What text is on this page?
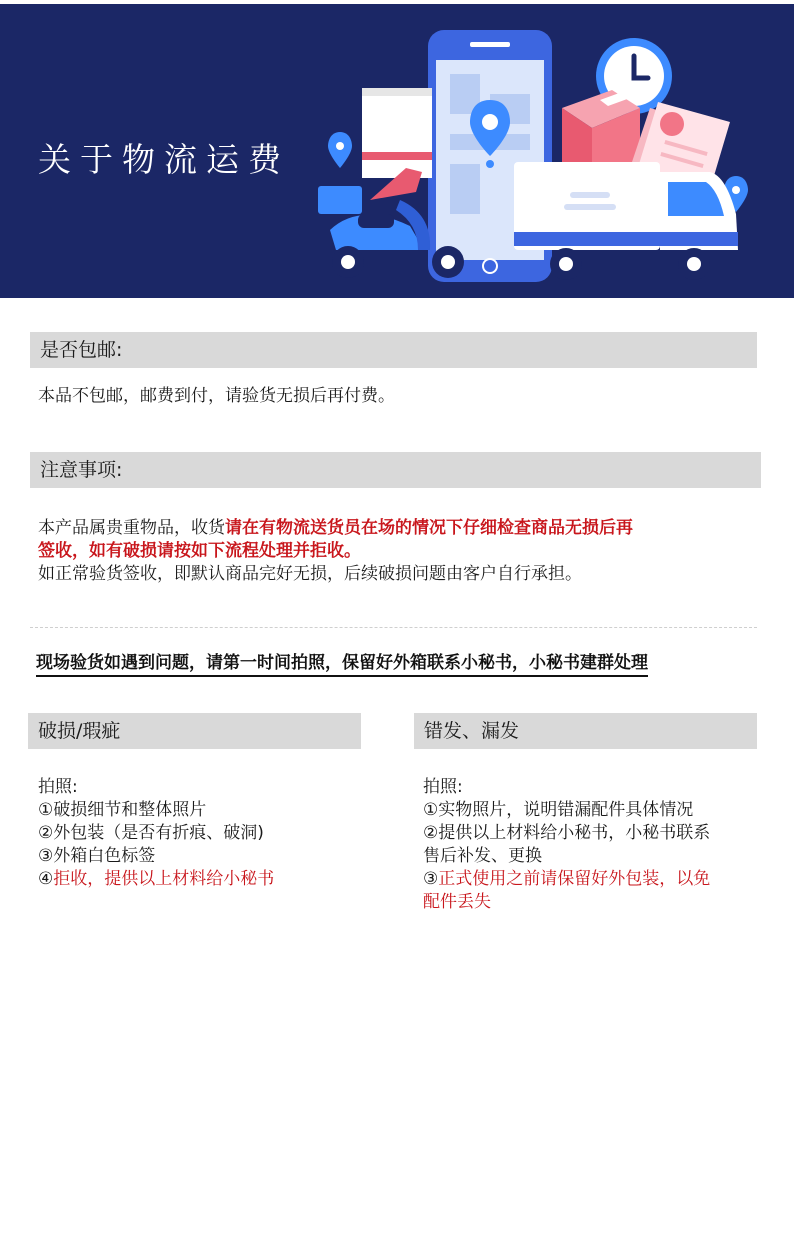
关于物流运费
是否包邮:
本品不包邮，邮费到付，请验货无损后再付费。
注意事项:
本产品属贵重物品，收货请在有物流送货员在场的情况下仔细检查商品无损后再
签收，如有破损请按如下流程处理并拒收。
如正常验货签收，即默认商品完好无损，后续破损问题由客户自行承担。
现场验货如遇到问题，请第一时间拍照，保留好外箱联系小秘书，小秘书建群处理
破损/瑕疵
拍照:
①破损细节和整体照片
②外包装（是否有折痕、破洞)
③外箱白色标签
④拒收，提供以上材料给小秘书
错发、漏发
拍照:
①实物照片，说明错漏配件具体情况
②提供以上材料给小秘书，小秘书联系
售后补发、更换
③正式使用之前请保留好外包装，以免
配件丢失
